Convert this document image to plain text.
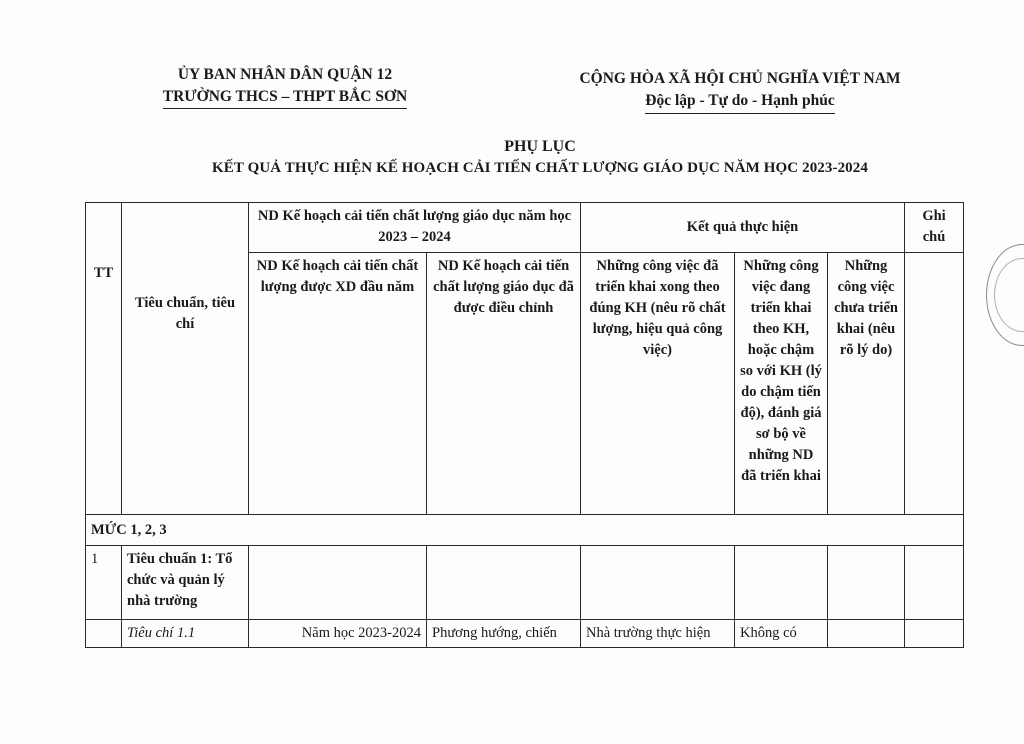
ỦY BAN NHÂN DÂN QUẬN 12
TRƯỜNG THCS – THPT BẮC SƠN
CỘNG HÒA XÃ HỘI CHỦ NGHĨA VIỆT NAM
Độc lập - Tự do - Hạnh phúc
PHỤ LỤC
KẾT QUẢ THỰC HIỆN KẾ HOẠCH CẢI TIẾN CHẤT LƯỢNG GIÁO DỤC NĂM HỌC 2023-2024
TT	Tiêu chuẩn, tiêu chí	ND Kế hoạch cải tiến chất lượng giáo dục năm học 2023 – 2024		Kết quả thực hiện			Ghi chú
		ND Kế hoạch cải tiến chất lượng được XD đầu năm	ND Kế hoạch cải tiến chất lượng giáo dục đã được điều chỉnh	Những công việc đã triển khai xong theo đúng KH (nêu rõ chất lượng, hiệu quả công việc)	Những công việc đang triển khai theo KH, hoặc chậm so với KH (lý do chậm tiến độ), đánh giá sơ bộ về những ND đã triển khai	Những công việc chưa triển khai (nêu rõ lý do)	
MỨC 1, 2, 3							
1	Tiêu chuẩn 1: Tổ chức và quản lý nhà trường						
	Tiêu chí 1.1	Năm học 2023-2024	Phương hướng, chiến	Nhà trường thực hiện	Không có		
